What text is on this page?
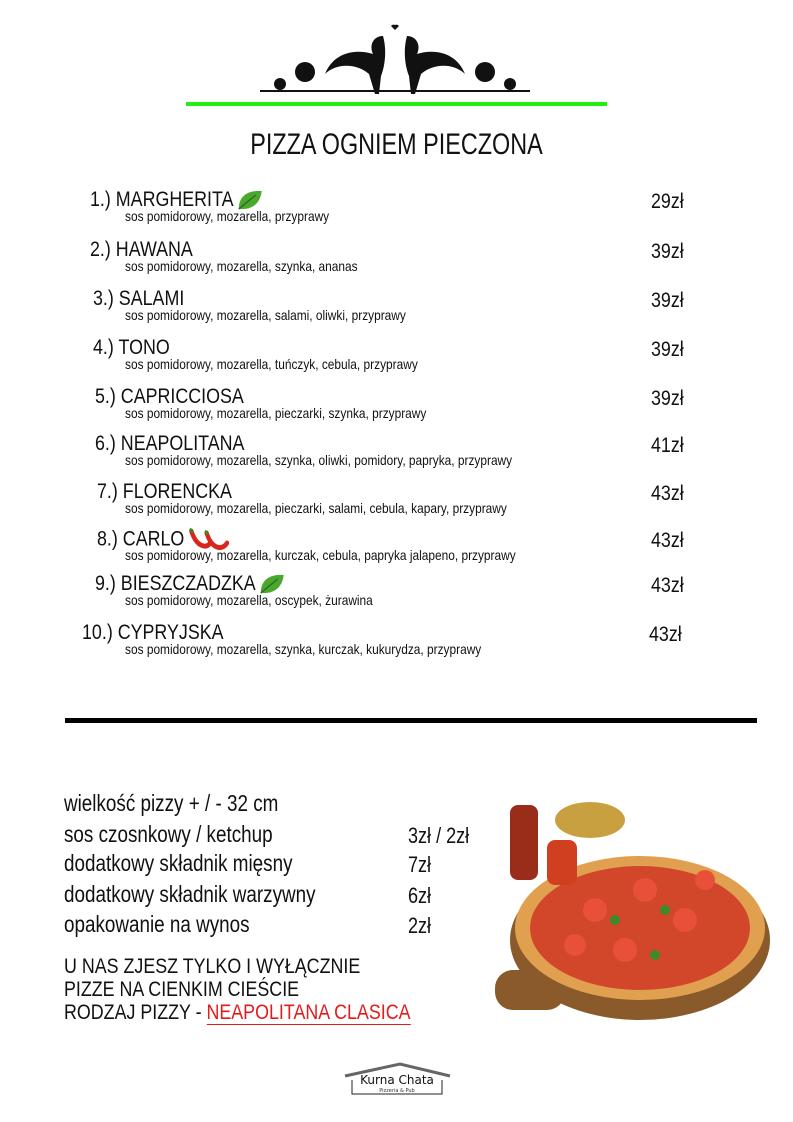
PIZZA OGNIEM PIECZONA
1.) MARGHERITA
sos pomidorowy, mozarella, przyprawy
29zł
2.) HAWANA
sos pomidorowy, mozarella, szynka, ananas
39zł
3.) SALAMI
sos pomidorowy, mozarella, salami, oliwki, przyprawy
39zł
4.) TONO
sos pomidorowy, mozarella, tuńczyk, cebula, przyprawy
39zł
5.) CAPRICCIOSA
sos pomidorowy, mozarella, pieczarki, szynka, przyprawy
39zł
6.) NEAPOLITANA
sos pomidorowy, mozarella, szynka, oliwki, pomidory, papryka, przyprawy
41zł
7.) FLORENCKA
sos pomidorowy, mozarella, pieczarki, salami, cebula, kapary, przyprawy
43zł
8.) CARLO
sos pomidorowy, mozarella, kurczak, cebula, papryka jalapeno, przyprawy
43zł
9.) BIESZCZADZKA
sos pomidorowy, mozarella, oscypek, żurawina
43zł
10.) CYPRYJSKA
sos pomidorowy, mozarella, szynka, kurczak, kukurydza, przyprawy
43zł
wielkość pizzy + / - 32 cm
sos czosnkowy / ketchup	3zł / 2zł
dodatkowy składnik mięsny	7zł
dodatkowy składnik warzywny	6zł
opakowanie na wynos	2zł
U NAS ZJESZ TYLKO I WYŁĄCZNIE
PIZZE NA CIENKIM CIEŚCIE
RODZAJ PIZZY - NEAPOLITANA CLASICA
Kurna Chata
Pizzeria & Pub
